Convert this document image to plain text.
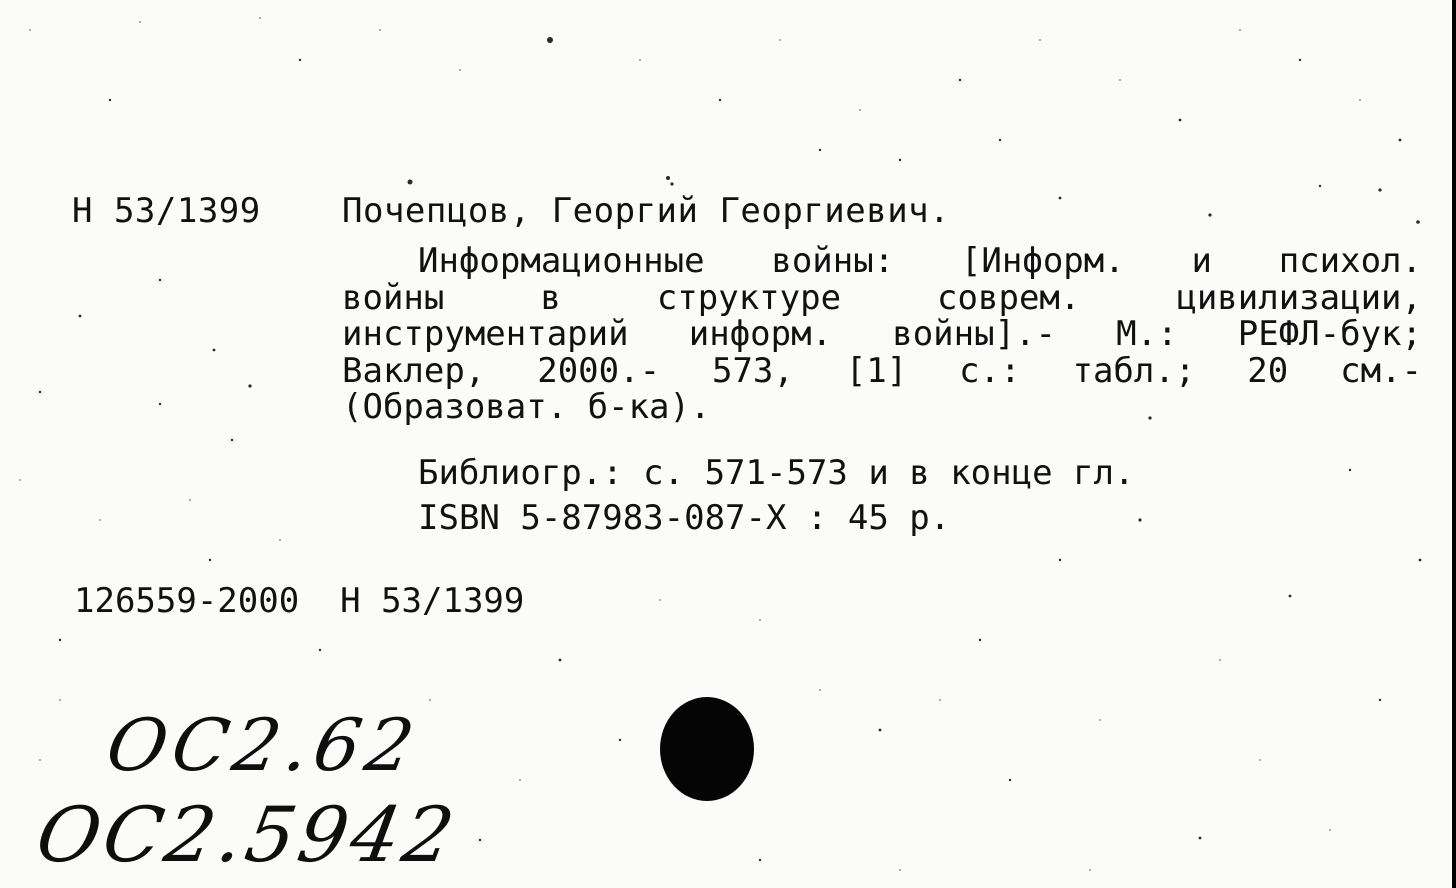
Н 53/1399 Почепцов, Георгий Георгиевич.
Информационные войны: [Информ. и психол.
войны в структуре соврем. цивилизации,
инструментарий информ. войны].- М.: РЕФЛ-бук;
Ваклер, 2000.- 573, [1] с.: табл.; 20 см.-
(Образоват. б-ка).
Библиогр.: с. 571-573 и в конце гл.
ISBN 5-87983-087-X : 45 р.
126559-2000 Н 53/1399
ОС2.62
ОС2.5942
